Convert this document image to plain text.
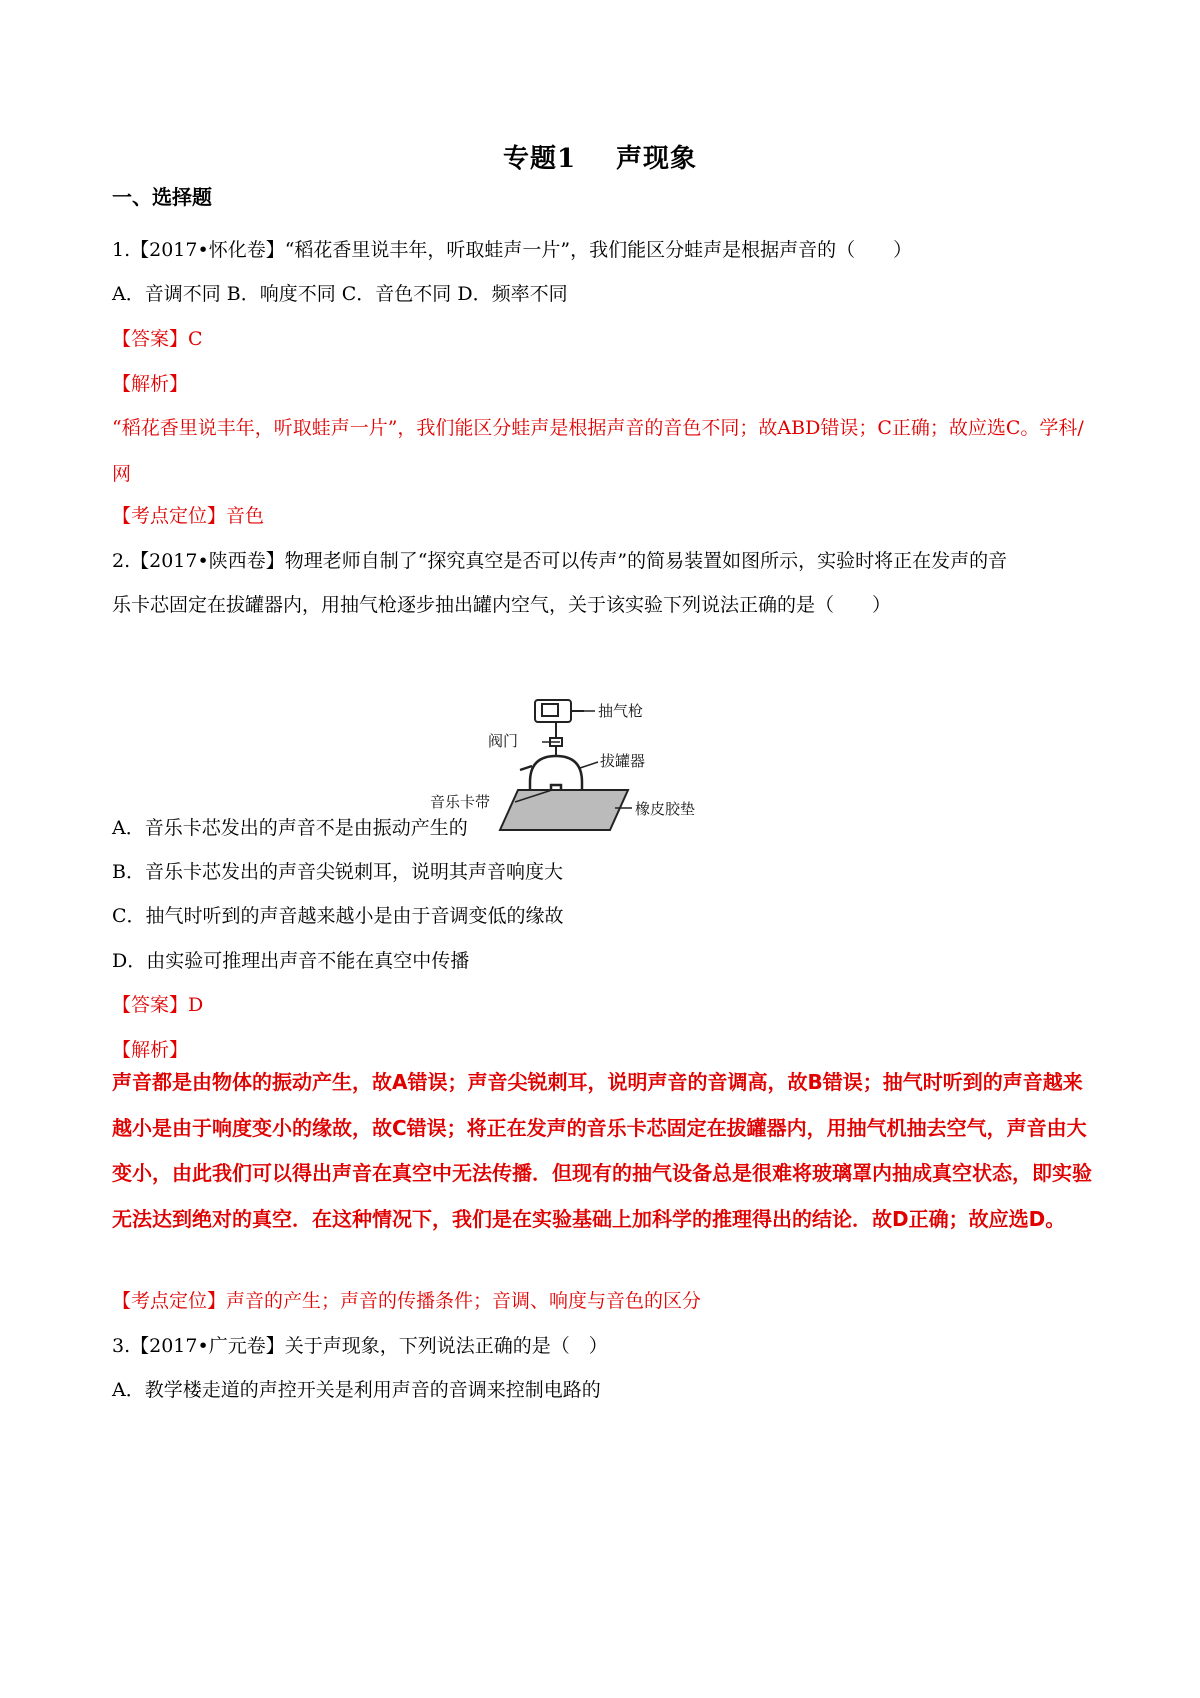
专题1 声现象
一、选择题
1.【2017•怀化卷】“稻花香里说丰年，听取蛙声一片”，我们能区分蛙声是根据声音的（　　）
A．音调不同 B．响度不同 C．音色不同 D．频率不同
【答案】C
【解析】
“稻花香里说丰年，听取蛙声一片”，我们能区分蛙声是根据声音的音色不同；故ABD错误；C正确；故应选C。学科/网
【考点定位】音色
2.【2017•陕西卷】物理老师自制了“探究真空是否可以传声”的简易装置如图所示，实验时将正在发声的音
乐卡芯固定在拔罐器内，用抽气枪逐步抽出罐内空气，关于该实验下列说法正确的是（　　）
抽气枪
阀门
拔罐器
音乐卡带	橡皮胶垫
A．音乐卡芯发出的声音不是由振动产生的
B．音乐卡芯发出的声音尖锐刺耳，说明其声音响度大
C．抽气时听到的声音越来越小是由于音调变低的缘故
D．由实验可推理出声音不能在真空中传播
【答案】D
【解析】
声音都是由物体的振动产生，故A错误；声音尖锐刺耳，说明声音的音调高，故B错误；抽气时听到的声音越来越小是由于响度变小的缘故，故C错误；将正在发声的音乐卡芯固定在拔罐器内，用抽气机抽去空气，声音由大变小，由此我们可以得出声音在真空中无法传播．但现有的抽气设备总是很难将玻璃罩内抽成真空状态，即实验无法达到绝对的真空．在这种情况下，我们是在实验基础上加科学的推理得出的结论．故D正确；故应选D。
【考点定位】声音的产生；声音的传播条件；音调、响度与音色的区分
3.【2017•广元卷】关于声现象，下列说法正确的是（　）
A．教学楼走道的声控开关是利用声音的音调来控制电路的
